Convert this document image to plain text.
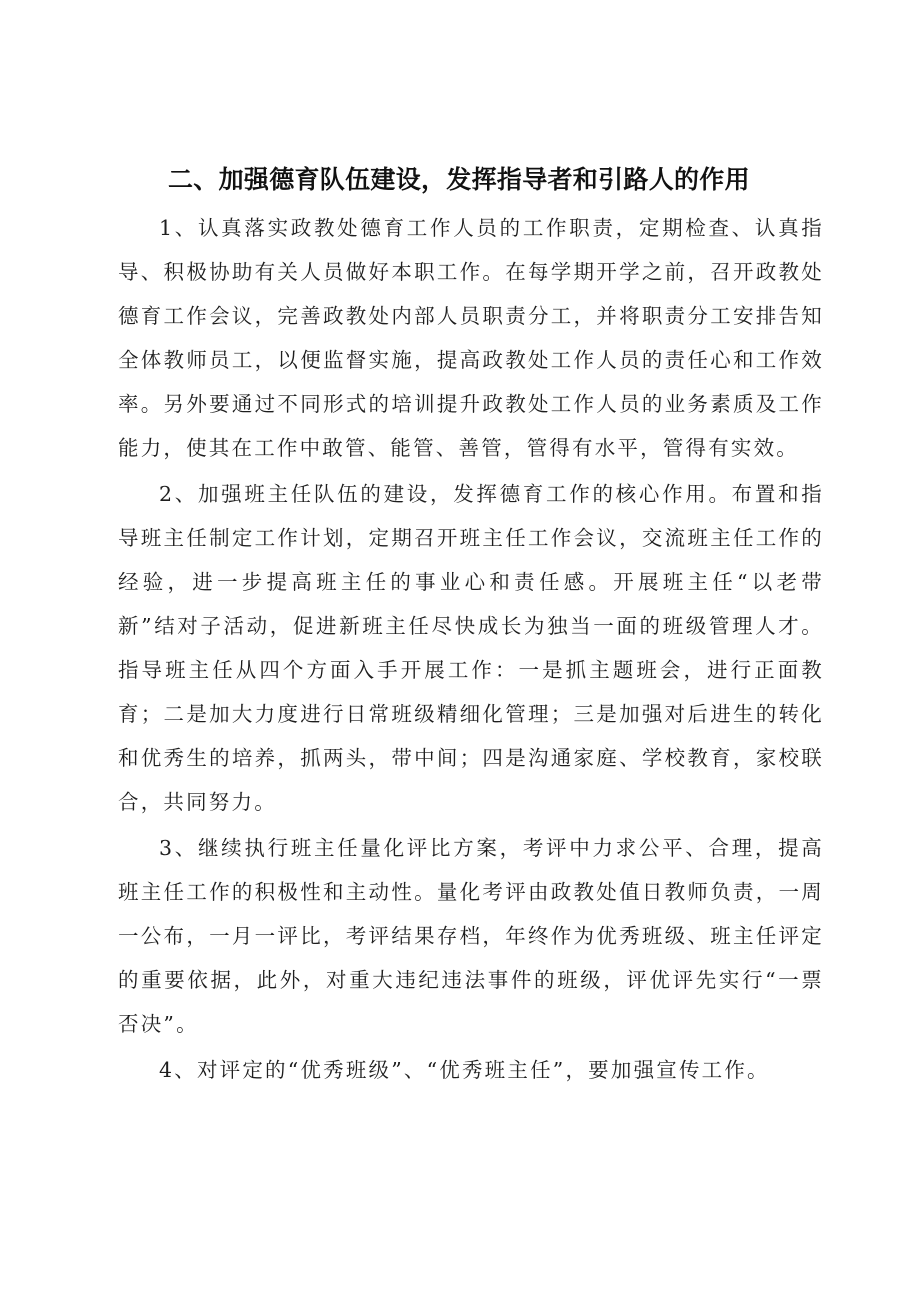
二、加强德育队伍建设，发挥指导者和引路人的作用

1、认真落实政教处德育工作人员的工作职责，定期检查、认真指导、积极协助有关人员做好本职工作。在每学期开学之前，召开政教处德育工作会议，完善政教处内部人员职责分工，并将职责分工安排告知全体教师员工，以便监督实施，提高政教处工作人员的责任心和工作效率。另外要通过不同形式的培训提升政教处工作人员的业务素质及工作能力，使其在工作中敢管、能管、善管，管得有水平，管得有实效。

2、加强班主任队伍的建设，发挥德育工作的核心作用。布置和指导班主任制定工作计划，定期召开班主任工作会议，交流班主任工作的经验，进一步提高班主任的事业心和责任感。开展班主任“以老带新”结对子活动，促进新班主任尽快成长为独当一面的班级管理人才。指导班主任从四个方面入手开展工作：一是抓主题班会，进行正面教育；二是加大力度进行日常班级精细化管理；三是加强对后进生的转化和优秀生的培养，抓两头，带中间；四是沟通家庭、学校教育，家校联合，共同努力。

3、继续执行班主任量化评比方案，考评中力求公平、合理，提高班主任工作的积极性和主动性。量化考评由政教处值日教师负责，一周一公布，一月一评比，考评结果存档，年终作为优秀班级、班主任评定的重要依据，此外，对重大违纪违法事件的班级，评优评先实行“一票否决”。

4、对评定的“优秀班级”、“优秀班主任”，要加强宣传工作。
